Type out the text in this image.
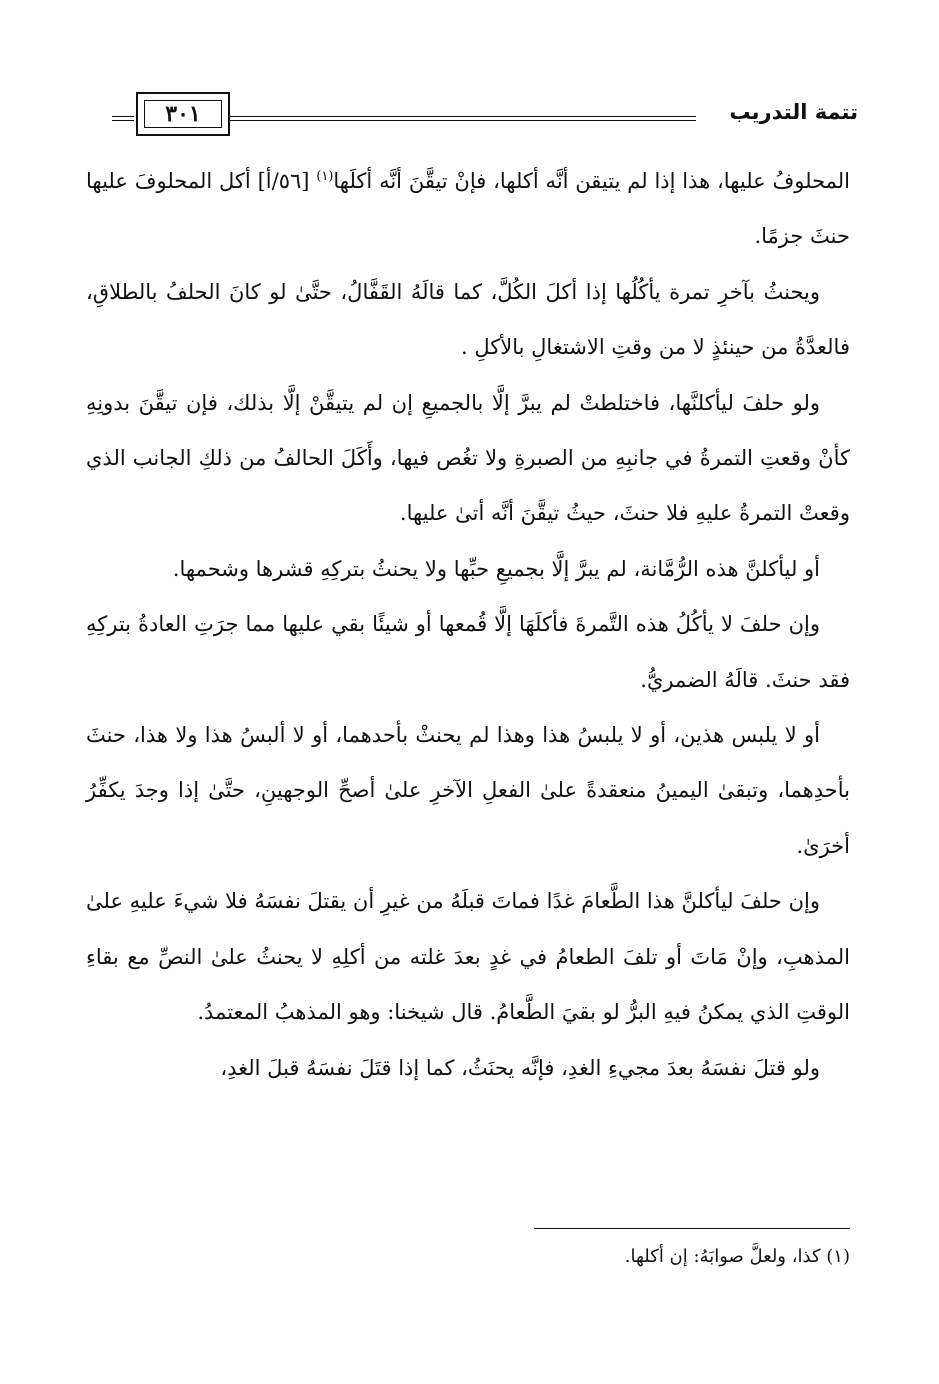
تتمة التدريب
٣٠١

المحلوفُ عليها، هذا إذا لم يتيقن أنَّه أكلها، فإنْ تيقَّنَ أنَّه أكلَها$^{(١)}$ [٥٦/أ] أكل المحلوفَ عليها حنثَ جزمًا.

ويحنثُ بآخرِ تمرة يأكُلُها إذا أكلَ الكُلَّ، كما قالَهُ القَفَّالُ، حتَّىٰ لو كانَ الحلفُ بالطلاقِ، فالعدَّةُ من حينئذٍ لا من وقتِ الاشتغالِ بالأكلِ .

ولو حلفَ ليأكلنَّها، فاختلطتْ لم يبرَّ إلَّا بالجميعِ إن لم يتيقَّنْ إلَّا بذلك، فإن تيقَّنَ بدونِهِ كأنْ وقعتِ التمرةُ في جانبِهِ من الصبرةِ ولا تغُص فيها، وأَكَلَ الحالفُ من ذلكِ الجانب الذي وقعتْ التمرةُ عليهِ فلا حنثَ، حيثُ تيقَّنَ أنَّه أتىٰ عليها.

أو ليأكلنَّ هذه الرُّمَّانة، لم يبرَّ إلَّا بجميعِ حبِّها ولا يحنثُ بتركِهِ قشرها وشحمها.

وإن حلفَ لا يأكُلُ هذه التَّمرةَ فأكلَهَا إلَّا قُمعها أو شيئًا بقي عليها مما جرَتِ العادةُ بتركِهِ فقد حنثَ. قالَهُ الضمريُّ.

أو لا يلبس هذين، أو لا يلبسُ هذا وهذا لم يحنثْ بأحدهما، أو لا ألبسُ هذا ولا هذا، حنثَ بأحدِهما، وتبقىٰ اليمينُ منعقدةً علىٰ الفعلِ الآخرِ علىٰ أصحِّ الوجهينِ، حتَّىٰ إذا وجدَ يكفِّرُ أخرَىٰ.

وإن حلفَ ليأكلنَّ هذا الطَّعامَ غدًا فماتَ قبلَهُ من غيرِ أن يقتلَ نفسَهُ فلا شيءَ عليهِ علىٰ المذهبِ، وإنْ مَاتَ أو تلفَ الطعامُ في غدٍ بعدَ غلته من أكلِهِ لا يحنثُ علىٰ النصِّ مع بقاءِ الوقتِ الذي يمكنُ فيهِ البرُّ لو بقيَ الطَّعامُ. قال شيخنا: وهو المذهبُ المعتمدُ.

ولو قتلَ نفسَهُ بعدَ مجيءِ الغدِ، فإنَّه يحنَثُ، كما إذا قتَلَ نفسَهُ قبلَ الغدِ،

(١) كذا، ولعلَّ صوابَهُ: إن أكلها.
